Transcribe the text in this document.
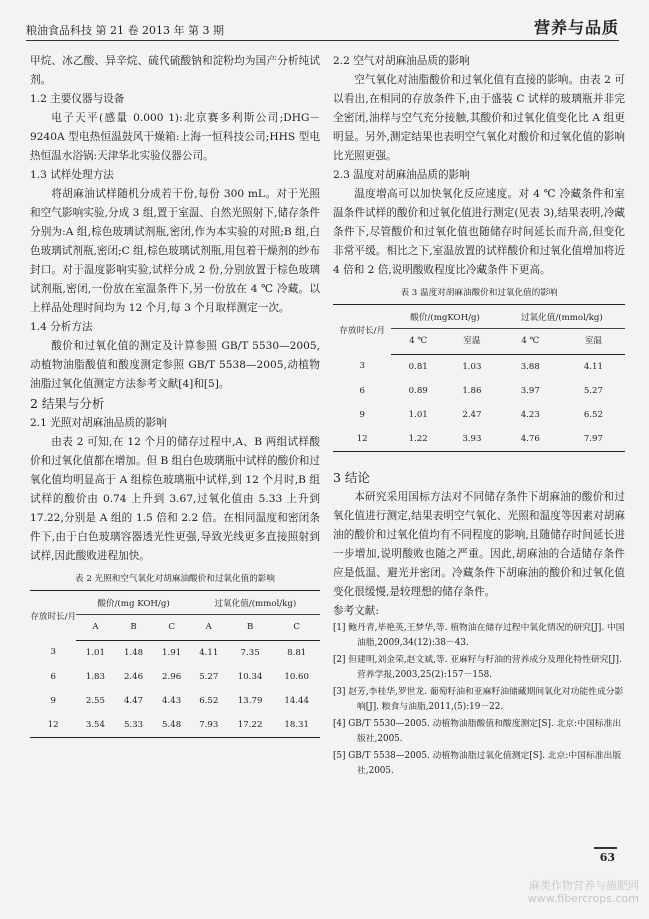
粮油食品科技 第 21 卷 2013 年 第 3 期	营养与品质

甲烷、冰乙酸、异辛烷、硫代硫酸钠和淀粉均为国产分析纯试剂。

1.2 主要仪器与设备

电子天平(感量 0.000 1):北京赛多利斯公司;DHG－9240A 型电热恒温鼓风干燥箱:上海一恒科技公司;HHS 型电热恒温水浴锅:天津华北实验仪器公司。

1.3 试样处理方法

将胡麻油试样随机分成若干份,每份 300 mL。对于光照和空气影响实验,分成 3 组,置于室温、自然光照射下,储存条件分别为:A 组,棕色玻璃试剂瓶,密闭,作为本实验的对照;B 组,白色玻璃试剂瓶,密闭;C 组,棕色玻璃试剂瓶,用包着干燥剂的纱布封口。对于温度影响实验,试样分成 2 份,分别放置于棕色玻璃试剂瓶,密闭,一份放在室温条件下,另一份放在 4 ℃ 冷藏。以上样品处理时间均为 12 个月,每 3 个月取样测定一次。

1.4 分析方法

酸价和过氧化值的测定及计算参照 GB/T 5530—2005,动植物油脂酸值和酸度测定参照 GB/T 5538—2005,动植物油脂过氧化值测定方法参考文献[4]和[5]。

2 结果与分析

2.1 光照对胡麻油品质的影响

由表 2 可知,在 12 个月的储存过程中,A、B 两组试样酸价和过氧化值都在增加。但 B 组白色玻璃瓶中试样的酸价和过氧化值均明显高于 A 组棕色玻璃瓶中试样,到 12 个月时,B 组试样的酸价由 0.74 上升到 3.67,过氧化值由 5.33 上升到 17.22,分别是 A 组的 1.5 倍和 2.2 倍。在相同温度和密闭条件下,由于白色玻璃容器透光性更强,导致光线更多直接照射到试样,因此酸败进程加快。

表 2 光照和空气氧化对胡麻油酸价和过氧化值的影响
存放时长/月	酸价/(mg KOH/g)			过氧化值/(mmol/kg)		
	A	B	C	A	B	C
3	1.01	1.48	1.91	4.11	7.35	8.81
6	1.83	2.46	2.96	5.27	10.34	10.60
9	2.55	4.47	4.43	6.52	13.79	14.44
12	3.54	5.33	5.48	7.93	17.22	18.31

2.2 空气对胡麻油品质的影响

空气氧化对油脂酸价和过氧化值有直接的影响。由表 2 可以看出,在相同的存放条件下,由于盛装 C 试样的玻璃瓶并非完全密闭,油样与空气充分接触,其酸价和过氧化值变化比 A 组更明显。另外,测定结果也表明空气氧化对酸价和过氧化值的影响比光照更强。

2.3 温度对胡麻油品质的影响

温度增高可以加快氧化反应速度。对 4 ℃ 冷藏条件和室温条件试样的酸价和过氧化值进行测定(见表 3),结果表明,冷藏条件下,尽管酸价和过氧化值也随储存时间延长而升高,但变化非常平缓。相比之下,室温放置的试样酸价和过氧化值增加将近 4 倍和 2 倍,说明酸败程度比冷藏条件下更高。

表 3 温度对胡麻油酸价和过氧化值的影响
存放时长/月	酸价/(mgKOH/g)		过氧化值/(mmol/kg)	
	4 ℃	室温	4 ℃	室温
3	0.81	1.03	3.88	4.11
6	0.89	1.86	3.97	5.27
9	1.01	2.47	4.23	6.52
12	1.22	3.93	4.76	7.97

3 结论

本研究采用国标方法对不同储存条件下胡麻油的酸价和过氧化值进行测定,结果表明空气氧化、光照和温度等因素对胡麻油的酸价和过氧化值均有不同程度的影响,且随储存时间延长进一步增加,说明酸败也随之严重。因此,胡麻油的合适储存条件应是低温、避光并密闭。冷藏条件下胡麻油的酸价和过氧化值变化很缓慢,是较理想的储存条件。

参考文献:

[1] 鲍丹青,毕艳英,王梦华,等. 植物油在储存过程中氧化情况的研究[J]. 中国油脂,2009,34(12):38－43.
[2] 但建明,刘金荣,赵文斌,等. 亚麻籽与籽油的营养成分及理化特性研究[J]. 营养学报,2003,25(2):157－158.
[3] 赵芳,李桂华,罗世龙. 葡萄籽油和亚麻籽油储藏期间氧化对功能性成分影响[J]. 粮食与油脂,2011,(5):19－22.
[4] GB/T 5530—2005. 动植物油脂酸值和酸度测定[S]. 北京:中国标准出版社,2005.
[5] GB/T 5538—2005. 动植物油脂过氧化值测定[S]. 北京:中国标准出版社,2005.
63
麻类作物营养与施肥网
www.fibercrops.com
